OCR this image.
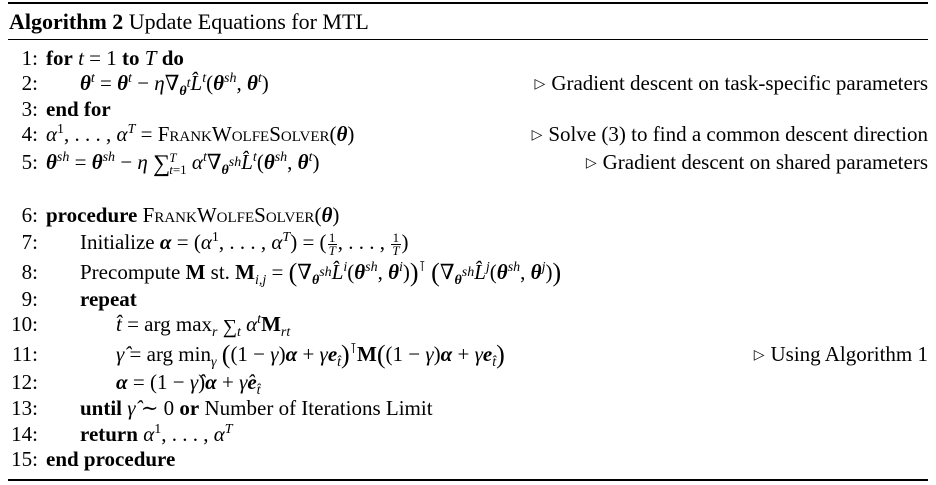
Algorithm 2 Update Equations for MTL
1: for t = 1 to T do
2: $\theta^t = \theta^t$ − $\eta\nabla_{\theta^t}L̂^t(\theta^{sh}$, $\theta^t$)	▷ Gradient descent on task-specific parameters
3: end for
4: $\alpha^1$, . . . , $\alpha^T$ = FrankWolfeSolver(θ)	▷ Solve (3) to find a common descent direction
5: $\theta^{sh} = \theta^{sh} - \eta$ ∑ T
t=1 $\alpha^t\nabla_{\theta^{sh}}L̂^t(\theta^{sh}$, $\theta^t$)	▷ Gradient descent on shared parameters
6: procedure FrankWolfeSolver(θ)
7: Initialize $\alpha = (\alpha^1$, . . . , $\alpha^T$) = ( $\frac{1}{T}$ , . . . , $\frac{1}{T}$ )
8: Precompute M st. $M_{i,j}$ = ($\nabla_{\theta^{sh}}L̂^i(\theta^{sh}$, $\theta^i))^⊺$ ($\nabla_{\theta^{sh}}L̂^j(\theta^{sh}$, $\theta^j$))
9: repeat
10:	t̂ = arg $\max_r \sum_t$ $\alpha^tM_{rt}$
11:	γ̂ = arg $\min_\gamma ((1 - \gamma)\alpha + \gamma e_{t̂})^⊺M((1 - \gamma)\alpha + \gamma e_{t̂})$	▷ Using Algorithm 1
12:	α = (1 − γ̂)α + $\gammâe_{t̂}$
13: until γ̂ ∼ 0 or Number of Iterations Limit
14: return $\alpha^1$, . . . , $\alpha^T$
15: end procedure
